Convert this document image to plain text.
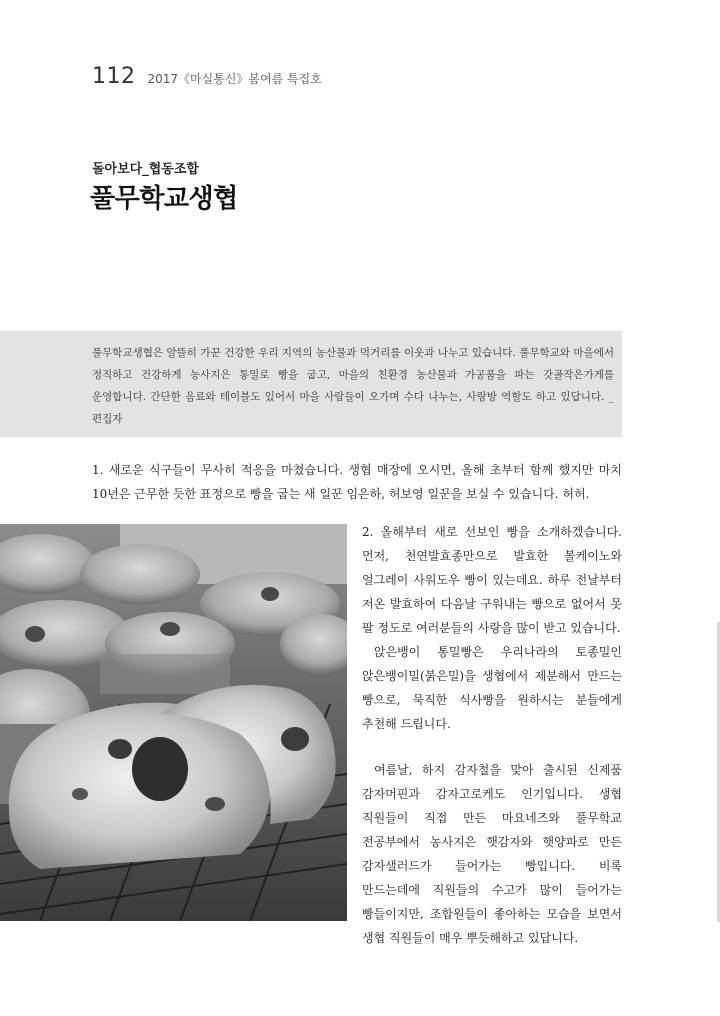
112 2017《마실통신》봄여름 특집호
돌아보다_협동조합
풀무학교생협
풀무학교생협은 알뜰히 가꾼 건강한 우리 지역의 농산물과 먹거리를 이웃과 나누고 있습니다. 풀무학교와 마을에서 정직하고 건강하게 농사지은 통밀로 빵을 굽고, 마을의 친환경 농산물과 가공품을 파는 갓골작은가게를 운영합니다. 간단한 음료와 테이블도 있어서 마을 사람들이 오가며 수다 나누는, 사랑방 역할도 하고 있답니다. _편집자
1. 새로운 식구들이 무사히 적응을 마쳤습니다. 생협 매장에 오시면, 올해 초부터 함께 했지만 마치 10년은 근무한 듯한 표정으로 빵을 굽는 새 일꾼 임은하, 허보영 일꾼을 보실 수 있습니다. 허허.

2. 올해부터 새로 선보인 빵을 소개하겠습니다. 먼저, 천연발효종만으로 발효한 볼케이노와 얼그레이 사워도우 빵이 있는데요. 하루 전날부터 저온 발효하여 다음날 구워내는 빵으로 없어서 못 팔 정도로 여러분들의 사랑을 많이 받고 있습니다.

앉은뱅이 통밀빵은 우리나라의 토종밀인 앉은뱅이밀(붉은밀)을 생협에서 제분해서 만드는 빵으로, 묵직한 식사빵을 원하시는 분들에게 추천해 드립니다.

여름날, 하지 감자철을 맞아 출시된 신제품 감자머핀과 감자고로케도 인기입니다. 생협 직원들이 직접 만든 마요네즈와 풀무학교 전공부에서 농사지은 햇감자와 햇양파로 만든 감자샐러드가 들어가는 빵입니다. 비록 만드는데에 직원들의 수고가 많이 들어가는 빵들이지만, 조합원들이 좋아하는 모습을 보면서 생협 직원들이 매우 뿌듯해하고 있답니다.
